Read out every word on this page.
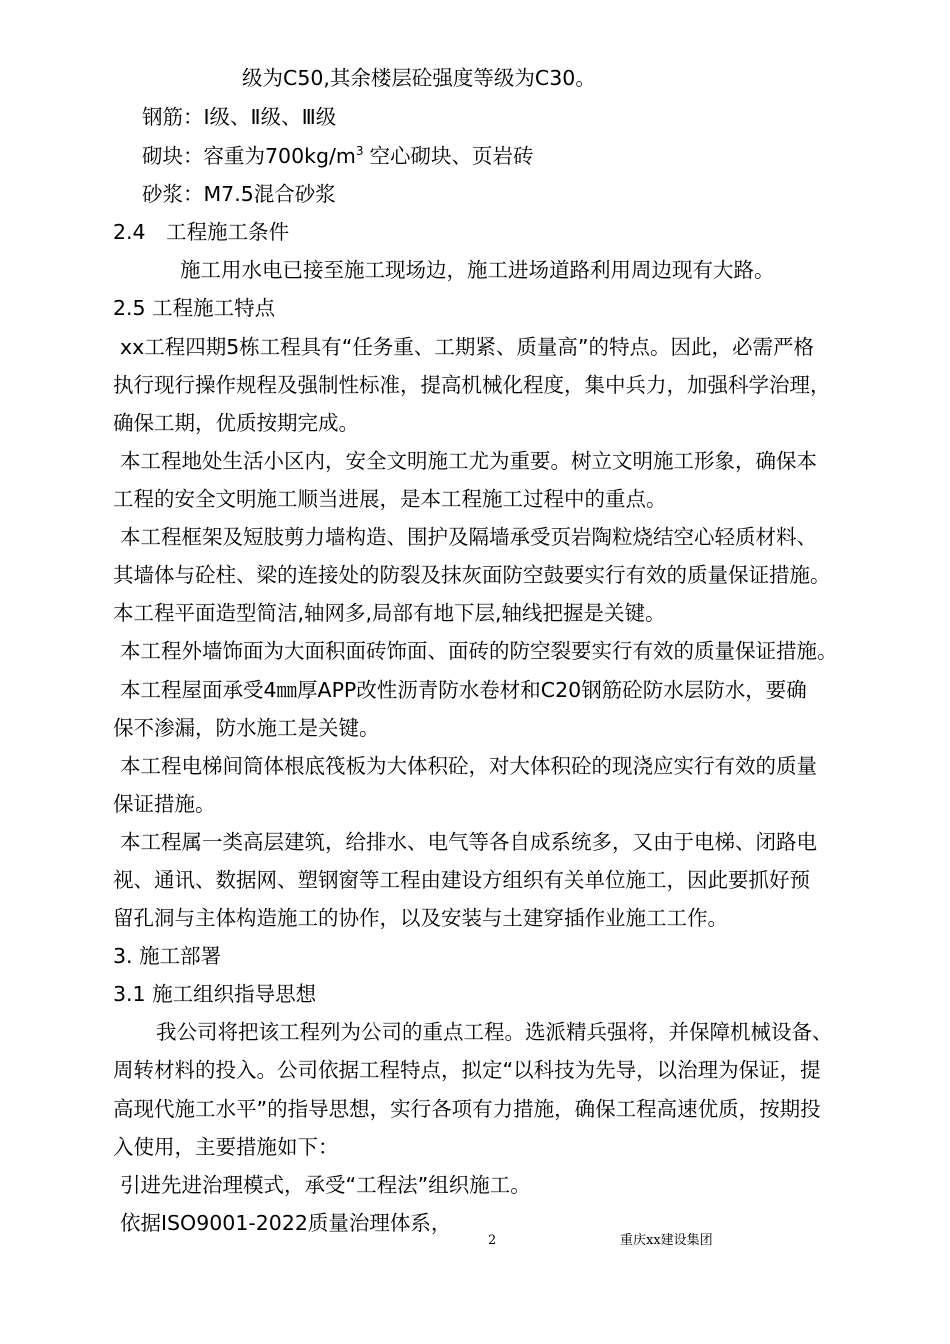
级为C50,其余楼层砼强度等级为C30。
钢筋：Ⅰ级、Ⅱ级、Ⅲ级
砌块：容重为$700kg/m^3$ 空心砌块、页岩砖
砂浆：M7.5混合砂浆
2.4　工程施工条件
施工用水电已接至施工现场边，施工进场道路利用周边现有大路。
2.5 工程施工特点
xx工程四期5栋工程具有“任务重、工期紧、质量高”的特点。因此，必需严格
执行现行操作规程及强制性标准，提高机械化程度，集中兵力，加强科学治理，
确保工期，优质按期完成。
本工程地处生活小区内，安全文明施工尤为重要。树立文明施工形象，确保本
工程的安全文明施工顺当进展，是本工程施工过程中的重点。
本工程框架及短肢剪力墙构造、围护及隔墙承受页岩陶粒烧结空心轻质材料、
其墙体与砼柱、梁的连接处的防裂及抹灰面防空鼓要实行有效的质量保证措施。
本工程平面造型简洁,轴网多,局部有地下层,轴线把握是关键。
本工程外墙饰面为大面积面砖饰面、面砖的防空裂要实行有效的质量保证措施。
本工程屋面承受4㎜厚APP改性沥青防水卷材和C20钢筋砼防水层防水，要确
保不渗漏，防水施工是关键。
本工程电梯间筒体根底筏板为大体积砼，对大体积砼的现浇应实行有效的质量
保证措施。
本工程属一类高层建筑，给排水、电气等各自成系统多，又由于电梯、闭路电
视、通讯、数据网、塑钢窗等工程由建设方组织有关单位施工，因此要抓好预
留孔洞与主体构造施工的协作，以及安装与土建穿插作业施工工作。
3. 施工部署
3.1 施工组织指导思想
我公司将把该工程列为公司的重点工程。选派精兵强将，并保障机械设备、
周转材料的投入。公司依据工程特点，拟定“以科技为先导，以治理为保证，提
高现代施工水平”的指导思想，实行各项有力措施，确保工程高速优质，按期投
入使用，主要措施如下：
引进先进治理模式，承受“工程法”组织施工。
依据ISO9001-2022质量治理体系，
2	重庆xx建设集团
